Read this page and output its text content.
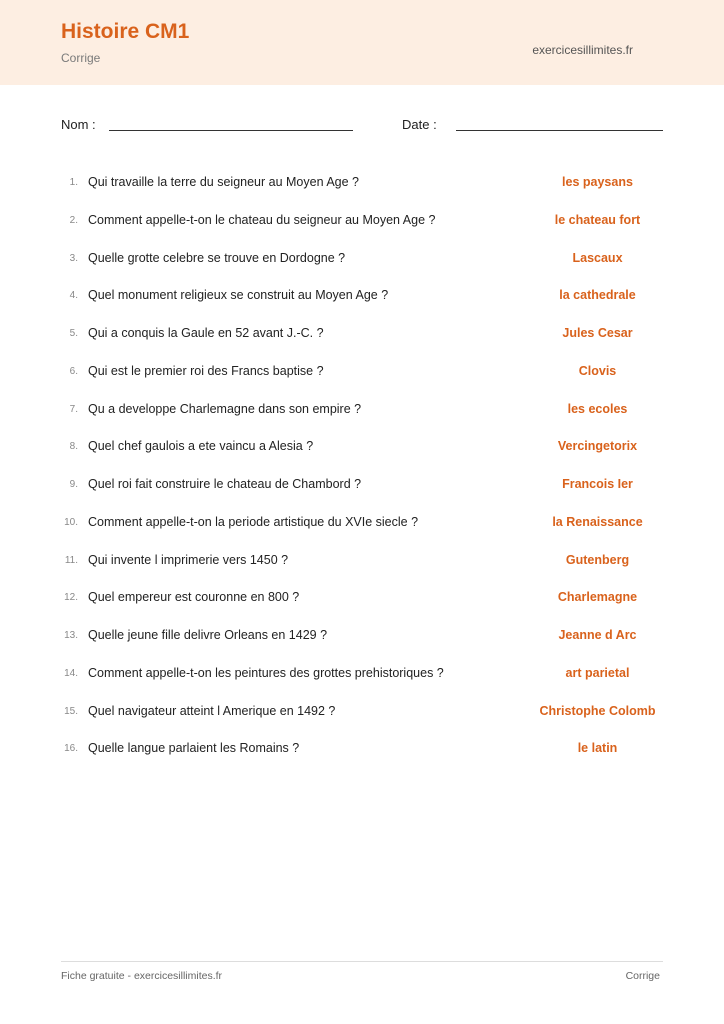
Histoire CM1
Corrige
exercicesillimites.fr
Nom :	Date :
1. Qui travaille la terre du seigneur au Moyen Age ?	les paysans
2. Comment appelle-t-on le chateau du seigneur au Moyen Age ?	le chateau fort
3. Quelle grotte celebre se trouve en Dordogne ?	Lascaux
4. Quel monument religieux se construit au Moyen Age ?	la cathedrale
5. Qui a conquis la Gaule en 52 avant J.-C. ?	Jules Cesar
6. Qui est le premier roi des Francs baptise ?	Clovis
7. Qu a developpe Charlemagne dans son empire ?	les ecoles
8. Quel chef gaulois a ete vaincu a Alesia ?	Vercingetorix
9. Quel roi fait construire le chateau de Chambord ?	Francois Ier
10. Comment appelle-t-on la periode artistique du XVIe siecle ?	la Renaissance
11. Qui invente l imprimerie vers 1450 ?	Gutenberg
12. Quel empereur est couronne en 800 ?	Charlemagne
13. Quelle jeune fille delivre Orleans en 1429 ?	Jeanne d Arc
14. Comment appelle-t-on les peintures des grottes prehistoriques ?	art parietal
15. Quel navigateur atteint l Amerique en 1492 ?	Christophe Colomb
16. Quelle langue parlaient les Romains ?	le latin
Fiche gratuite - exercicesillimites.fr	Corrige
